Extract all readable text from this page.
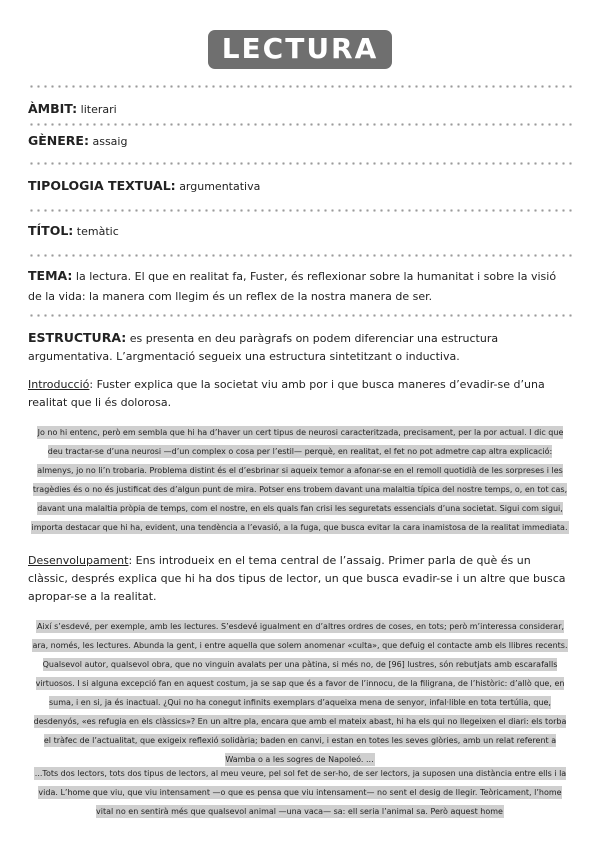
LECTURA
ÀMBIT: literari
GÈNERE: assaig
TIPOLOGIA TEXTUAL: argumentativa
TÍTOL: temàtic
TEMA: la lectura. El que en realitat fa, Fuster, és reflexionar sobre la humanitat i sobre la visió de la vida: la manera com llegim és un reflex de la nostra manera de ser.
ESTRUCTURA: es presenta en deu paràgrafs on podem diferenciar una estructura argumentativa. L’argmentació segueix una estructura sintetitzant o inductiva.
Introducció: Fuster explica que la societat viu amb por i que busca maneres d’evadir-se d’una realitat que li és dolorosa.
Jo no hi entenc, però em sembla que hi ha d’haver un cert tipus de neurosi caracteritzada, precisament, per la por actual. I dic que deu tractar-se d’una neurosi —d’un complex o cosa per l’estil— perquè, en realitat, el fet no pot admetre cap altra explicació: almenys, jo no li’n trobaria. Problema distint és el d’esbrinar si aqueix temor a afonar-se en el remoll quotidià de les sorpreses i les tragèdies és o no és justificat des d’algun punt de mira. Potser ens trobem davant una malaltia típica del nostre temps, o, en tot cas, davant una malaltia pròpia de temps, com el nostre, en els quals fan crisi les seguretats essencials d’una societat. Sigui com sigui, importa destacar que hi ha, evident, una tendència a l’evasió, a la fuga, que busca evitar la cara inamistosa de la realitat immediata.
Desenvolupament: Ens introdueix en el tema central de l’assaig. Primer parla de què és un clàssic, després explica que hi ha dos tipus de lector, un que busca evadir-se i un altre que busca apropar-se a la realitat.
Així s’esdevé, per exemple, amb les lectures. S’esdevé igualment en d’altres ordres de coses, en tots; però m’interessa considerar, ara, només, les lectures. Abunda la gent, i entre aquella que solem anomenar «culta», que defuig el contacte amb els llibres recents. Qualsevol autor, qualsevol obra, que no vinguin avalats per una pàtina, si més no, de [96] lustres, són rebutjats amb escarafalls virtuosos. I si alguna excepció fan en aquest costum, ja se sap que és a favor de l’innocu, de la filigrana, de l’històric: d’allò que, en suma, i en si, ja és inactual. ¿Qui no ha conegut infinits exemplars d’aqueixa mena de senyor, infal·lible en tota tertúlia, que, desdenyós, «es refugia en els clàssics»? En un altre pla, encara que amb el mateix abast, hi ha els qui no llegeixen el diari: els torba el tràfec de l’actualitat, que exigeix reflexió solidària; baden en canvi, i estan en totes les seves glòries, amb un relat referent a Wamba o a les sogres de Napoleó. ...
...Tots dos lectors, tots dos tipus de lectors, al meu veure, pel sol fet de ser-ho, de ser lectors, ja suposen una distància entre ells i la vida. L’home que viu, que viu intensament —o que es pensa que viu intensament— no sent el desig de llegir. Teòricament, l’home vital no en sentirà més que qualsevol animal —una vaca— sa: ell seria l’animal sa. Però aquest home
